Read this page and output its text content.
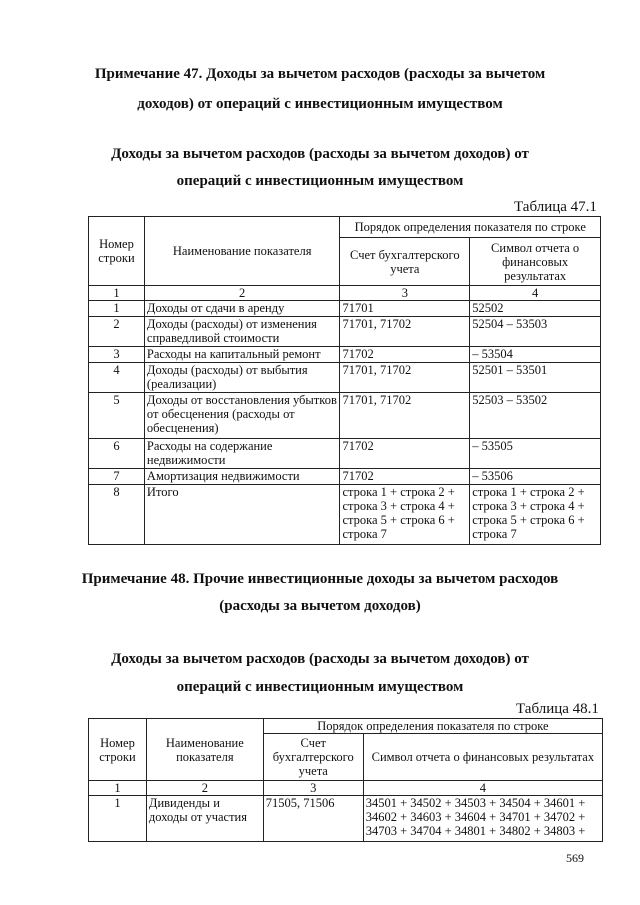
Примечание 47. Доходы за вычетом расходов (расходы за вычетом
доходов) от операций с инвестиционным имуществом
Доходы за вычетом расходов (расходы за вычетом доходов) от
операций с инвестиционным имуществом
Таблица 47.1
Номер строки	Наименование показателя	Порядок определения показателя по строке	
		Счет бухгалтерского учета	Символ отчета о финансовых результатах
1	2	3	4
1	Доходы от сдачи в аренду	71701	52502
2	Доходы (расходы) от изменения справедливой стоимости	71701, 71702	52504 – 53503
3	Расходы на капитальный ремонт	71702	– 53504
4	Доходы (расходы) от выбытия (реализации)	71701, 71702	52501 – 53501
5	Доходы от восстановления убытков от обесценения (расходы от обесценения)	71701, 71702	52503 – 53502
6	Расходы на содержание недвижимости	71702	– 53505
7	Амортизация недвижимости	71702	– 53506
8	Итого	строка 1 + строка 2 + строка 3 + строка 4 + строка 5 + строка 6 + строка 7	строка 1 + строка 2 + строка 3 + строка 4 + строка 5 + строка 6 + строка 7
Примечание 48. Прочие инвестиционные доходы за вычетом расходов
(расходы за вычетом доходов)
Доходы за вычетом расходов (расходы за вычетом доходов) от
операций с инвестиционным имуществом
Таблица 48.1
Номер строки	Наименование показателя	Порядок определения показателя по строке	
		Счет бухгалтерского учета	Символ отчета о финансовых результатах
1	2	3	4
1	Дивиденды и доходы от участия	71505, 71506	34501 + 34502 + 34503 + 34504 + 34601 + 34602 + 34603 + 34604 + 34701 + 34702 + 34703 + 34704 + 34801 + 34802 + 34803 +
569
